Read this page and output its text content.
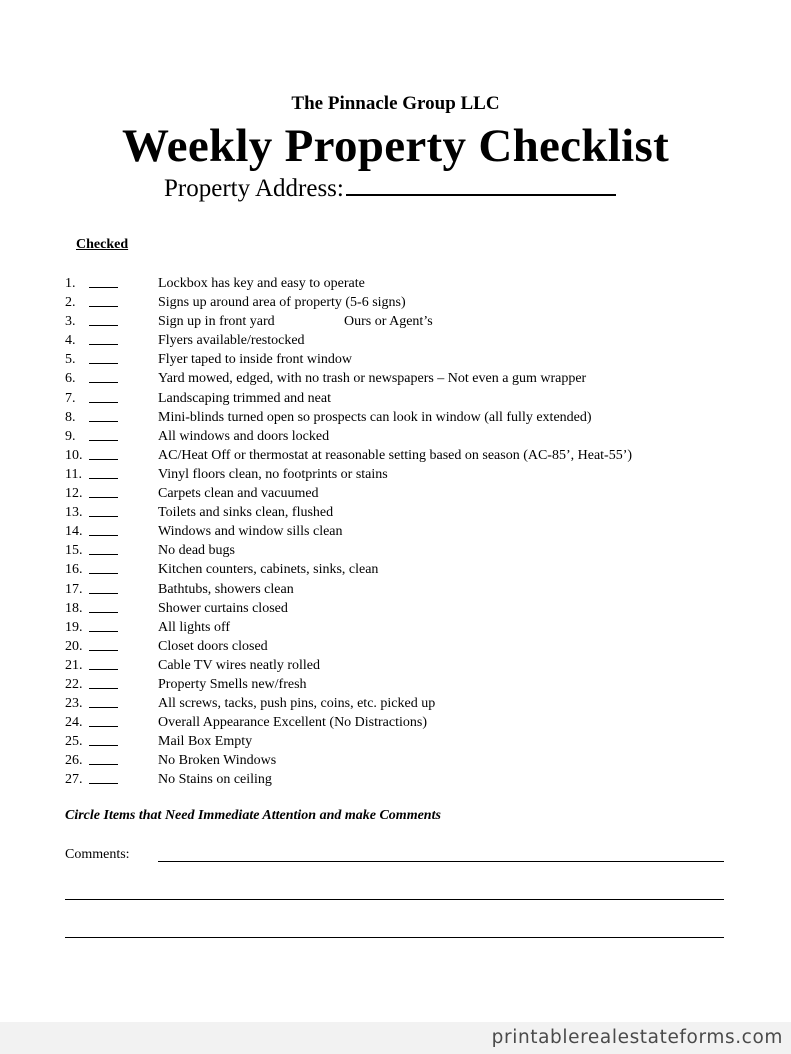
The Pinnacle Group LLC
Weekly Property Checklist
Property Address:
Checked
1.	Lockbox has key and easy to operate
2.	Signs up around area of property (5-6 signs)
3.	Sign up in front yard	Ours or Agent’s
4.	Flyers available/restocked
5.	Flyer taped to inside front window
6.	Yard mowed, edged, with no trash or newspapers – Not even a gum wrapper
7.	Landscaping trimmed and neat
8.	Mini-blinds turned open so prospects can look in window (all fully extended)
9.	All windows and doors locked
10.	AC/Heat Off or thermostat at reasonable setting based on season (AC-85’, Heat-55’)
11.	Vinyl floors clean, no footprints or stains
12.	Carpets clean and vacuumed
13.	Toilets and sinks clean, flushed
14.	Windows and window sills clean
15.	No dead bugs
16.	Kitchen counters, cabinets, sinks, clean
17.	Bathtubs, showers clean
18.	Shower curtains closed
19.	All lights off
20.	Closet doors closed
21.	Cable TV wires neatly rolled
22.	Property Smells new/fresh
23.	All screws, tacks, push pins, coins, etc. picked up
24.	Overall Appearance Excellent (No Distractions)
25.	Mail Box Empty
26.	No Broken Windows
27.	No Stains on ceiling
Circle Items that Need Immediate Attention and make Comments
Comments:
printablerealestateforms.com
